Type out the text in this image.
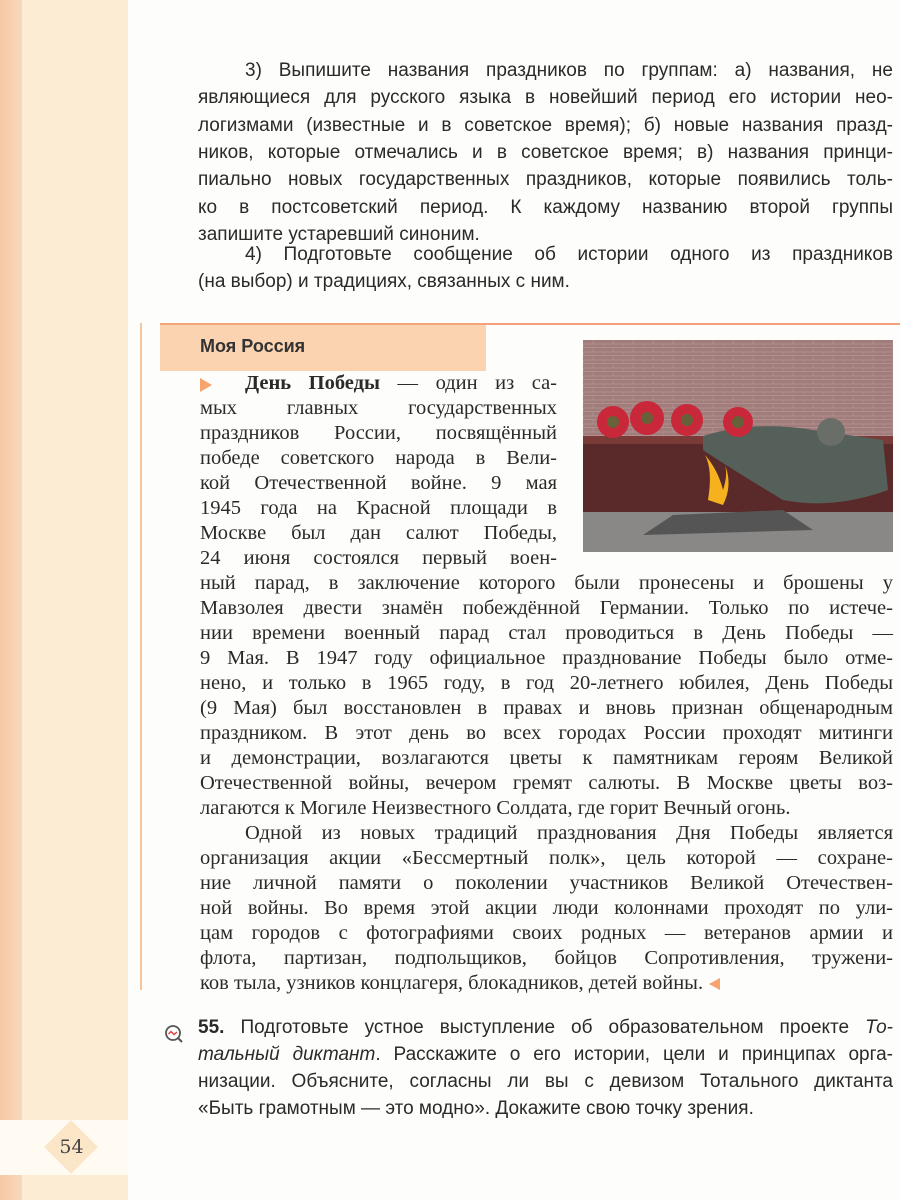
54
3) Выпишите названия праздников по группам: а) названия, не
являющиеся для русского языка в новейший период его истории нео-
логизмами (известные и в советское время); б) новые названия празд-
ников, которые отмечались и в советское время; в) названия принци-
пиально новых государственных праздников, которые появились толь-
ко в постсоветский период. К каждому названию второй группы
запишите устаревший синоним.
4) Подготовьте сообщение об истории одного из праздников
(на выбор) и традициях, связанных с ним.
Моя Россия
День Победы — один из са-
мых главных государственных
праздников России, посвящённый
победе советского народа в Вели-
кой Отечественной войне. 9 мая
1945 года на Красной площади в
Москве был дан салют Победы,
24 июня состоялся первый воен-
ный парад, в заключение которого были пронесены и брошены у
Мавзолея двести знамён побеждённой Германии. Только по истече-
нии времени военный парад стал проводиться в День Победы —
9 Мая. В 1947 году официальное празднование Победы было отме-
нено, и только в 1965 году, в год 20-летнего юбилея, День Победы
(9 Мая) был восстановлен в правах и вновь признан общенародным
праздником. В этот день во всех городах России проходят митинги
и демонстрации, возлагаются цветы к памятникам героям Великой
Отечественной войны, вечером гремят салюты. В Москве цветы воз-
лагаются к Могиле Неизвестного Солдата, где горит Вечный огонь.
Одной из новых традиций празднования Дня Победы является
организация акции «Бессмертный полк», цель которой — сохране-
ние личной памяти о поколении участников Великой Отечествен-
ной войны. Во время этой акции люди колоннами проходят по ули-
цам городов с фотографиями своих родных — ветеранов армии и
флота, партизан, подпольщиков, бойцов Сопротивления, тружени-
ков тыла, узников концлагеря, блокадников, детей войны.
55. Подготовьте устное выступление об образовательном проекте То-
тальный диктант. Расскажите о его истории, цели и принципах орга-
низации. Объясните, согласны ли вы с девизом Тотального диктанта
«Быть грамотным — это модно». Докажите свою точку зрения.
